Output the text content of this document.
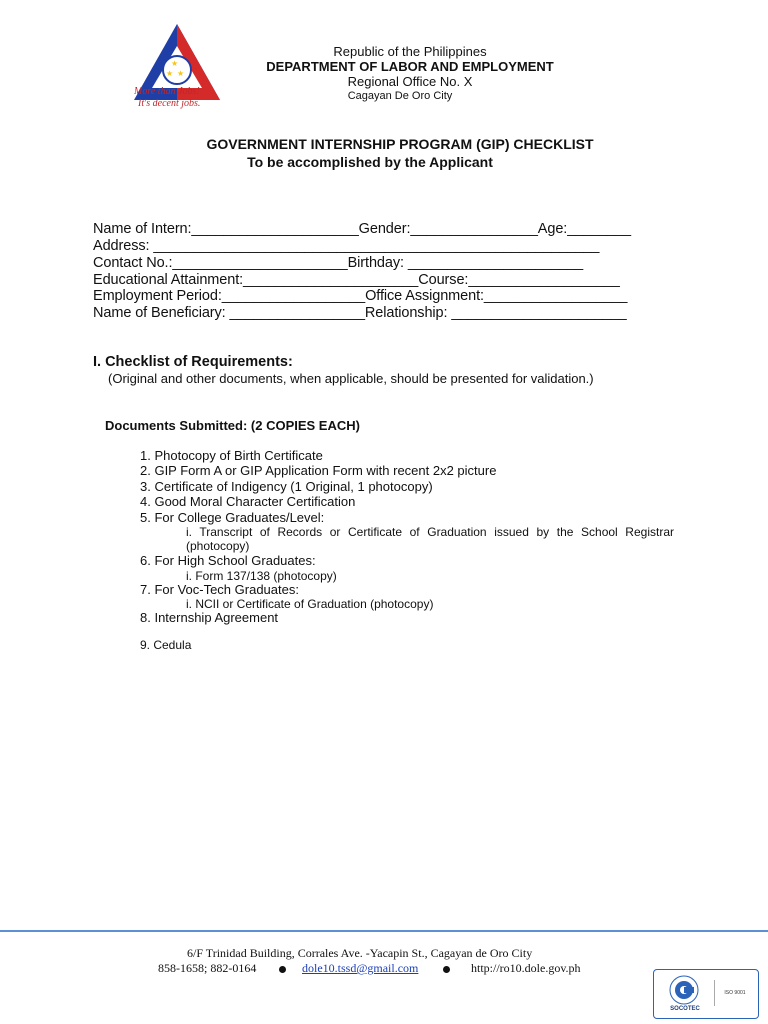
★
★ ★
More than Jobs!
It's decent jobs.
Republic of the Philippines
DEPARTMENT OF LABOR AND EMPLOYMENT
Regional Office No. X
Cagayan De Oro City
GOVERNMENT INTERNSHIP PROGRAM (GIP) CHECKLIST
To be accomplished by the Applicant
Name of Intern:_____________________Gender:________________Age:________
Address: ________________________________________________________
Contact No.:______________________Birthday: ______________________
Educational Attainment:______________________Course:___________________
Employment Period:__________________Office Assignment:__________________
Name of Beneficiary: _________________Relationship: ______________________
I. Checklist of Requirements:
(Original and other documents, when applicable, should be presented for validation.)
Documents Submitted: (2 COPIES EACH)
1. Photocopy of Birth Certificate
2. GIP Form A or GIP Application Form with recent 2x2 picture
3. Certificate of Indigency (1 Original, 1 photocopy)
4. Good Moral Character Certification
5. For College Graduates/Level:
i. Transcript of Records or Certificate of Graduation issued by the School Registrar (photocopy)
6. For High School Graduates:
i. Form 137/138 (photocopy)
7. For Voc-Tech Graduates:
i. NCII or Certificate of Graduation (photocopy)
8. Internship Agreement
9. Cedula
6/F Trinidad Building, Corrales Ave. -Yacapin St., Cagayan de Oro City
858-1658; 882-0164	dole10.tssd@gmail.com	http://ro10.dole.gov.ph
SOCOTEC
ISO 9001
